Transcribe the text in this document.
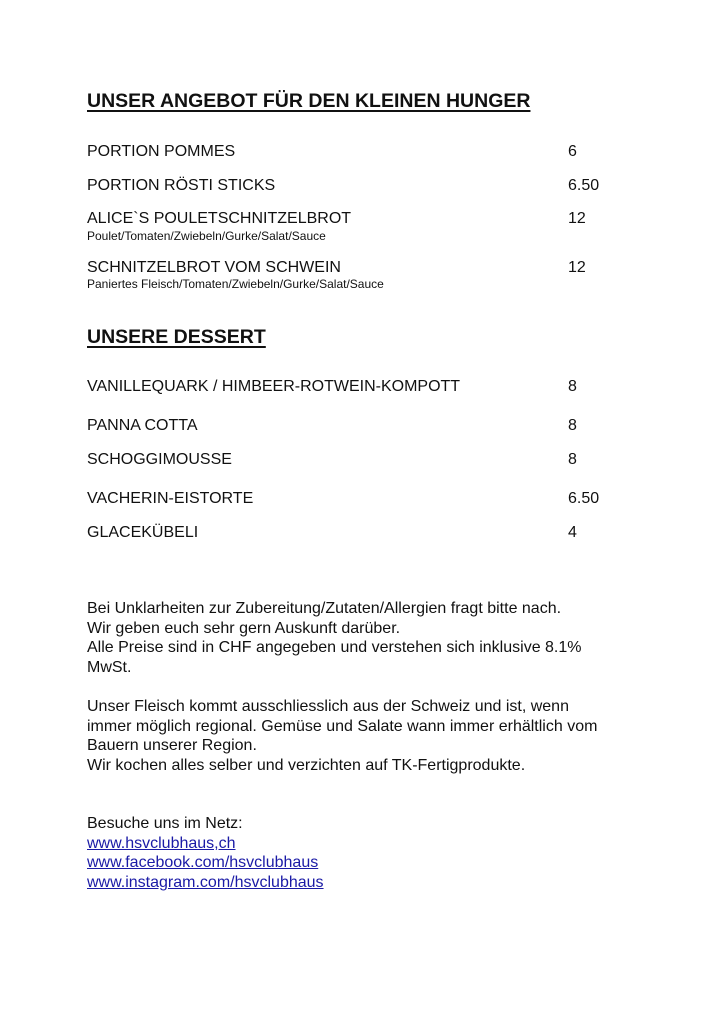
UNSER ANGEBOT FÜR DEN KLEINEN HUNGER
PORTION POMMES	6
PORTION RÖSTI STICKS	6.50
ALICE`S POULETSCHNITZELBROT	12
Poulet/Tomaten/Zwiebeln/Gurke/Salat/Sauce
SCHNITZELBROT VOM SCHWEIN	12
Paniertes Fleisch/Tomaten/Zwiebeln/Gurke/Salat/Sauce
UNSERE DESSERT
VANILLEQUARK / HIMBEER-ROTWEIN-KOMPOTT	8
PANNA COTTA	8
SCHOGGIMOUSSE	8
VACHERIN-EISTORTE	6.50
GLACEKÜBELI	4
Bei Unklarheiten zur Zubereitung/Zutaten/Allergien fragt bitte nach.
Wir geben euch sehr gern Auskunft darüber.
Alle Preise sind in CHF angegeben und verstehen sich inklusive 8.1%
MwSt.
Unser Fleisch kommt ausschliesslich aus der Schweiz und ist, wenn
immer möglich regional. Gemüse und Salate wann immer erhältlich vom
Bauern unserer Region.
Wir kochen alles selber und verzichten auf TK-Fertigprodukte.
Besuche uns im Netz:
www.hsvclubhaus,ch
www.facebook.com/hsvclubhaus
www.instagram.com/hsvclubhaus
